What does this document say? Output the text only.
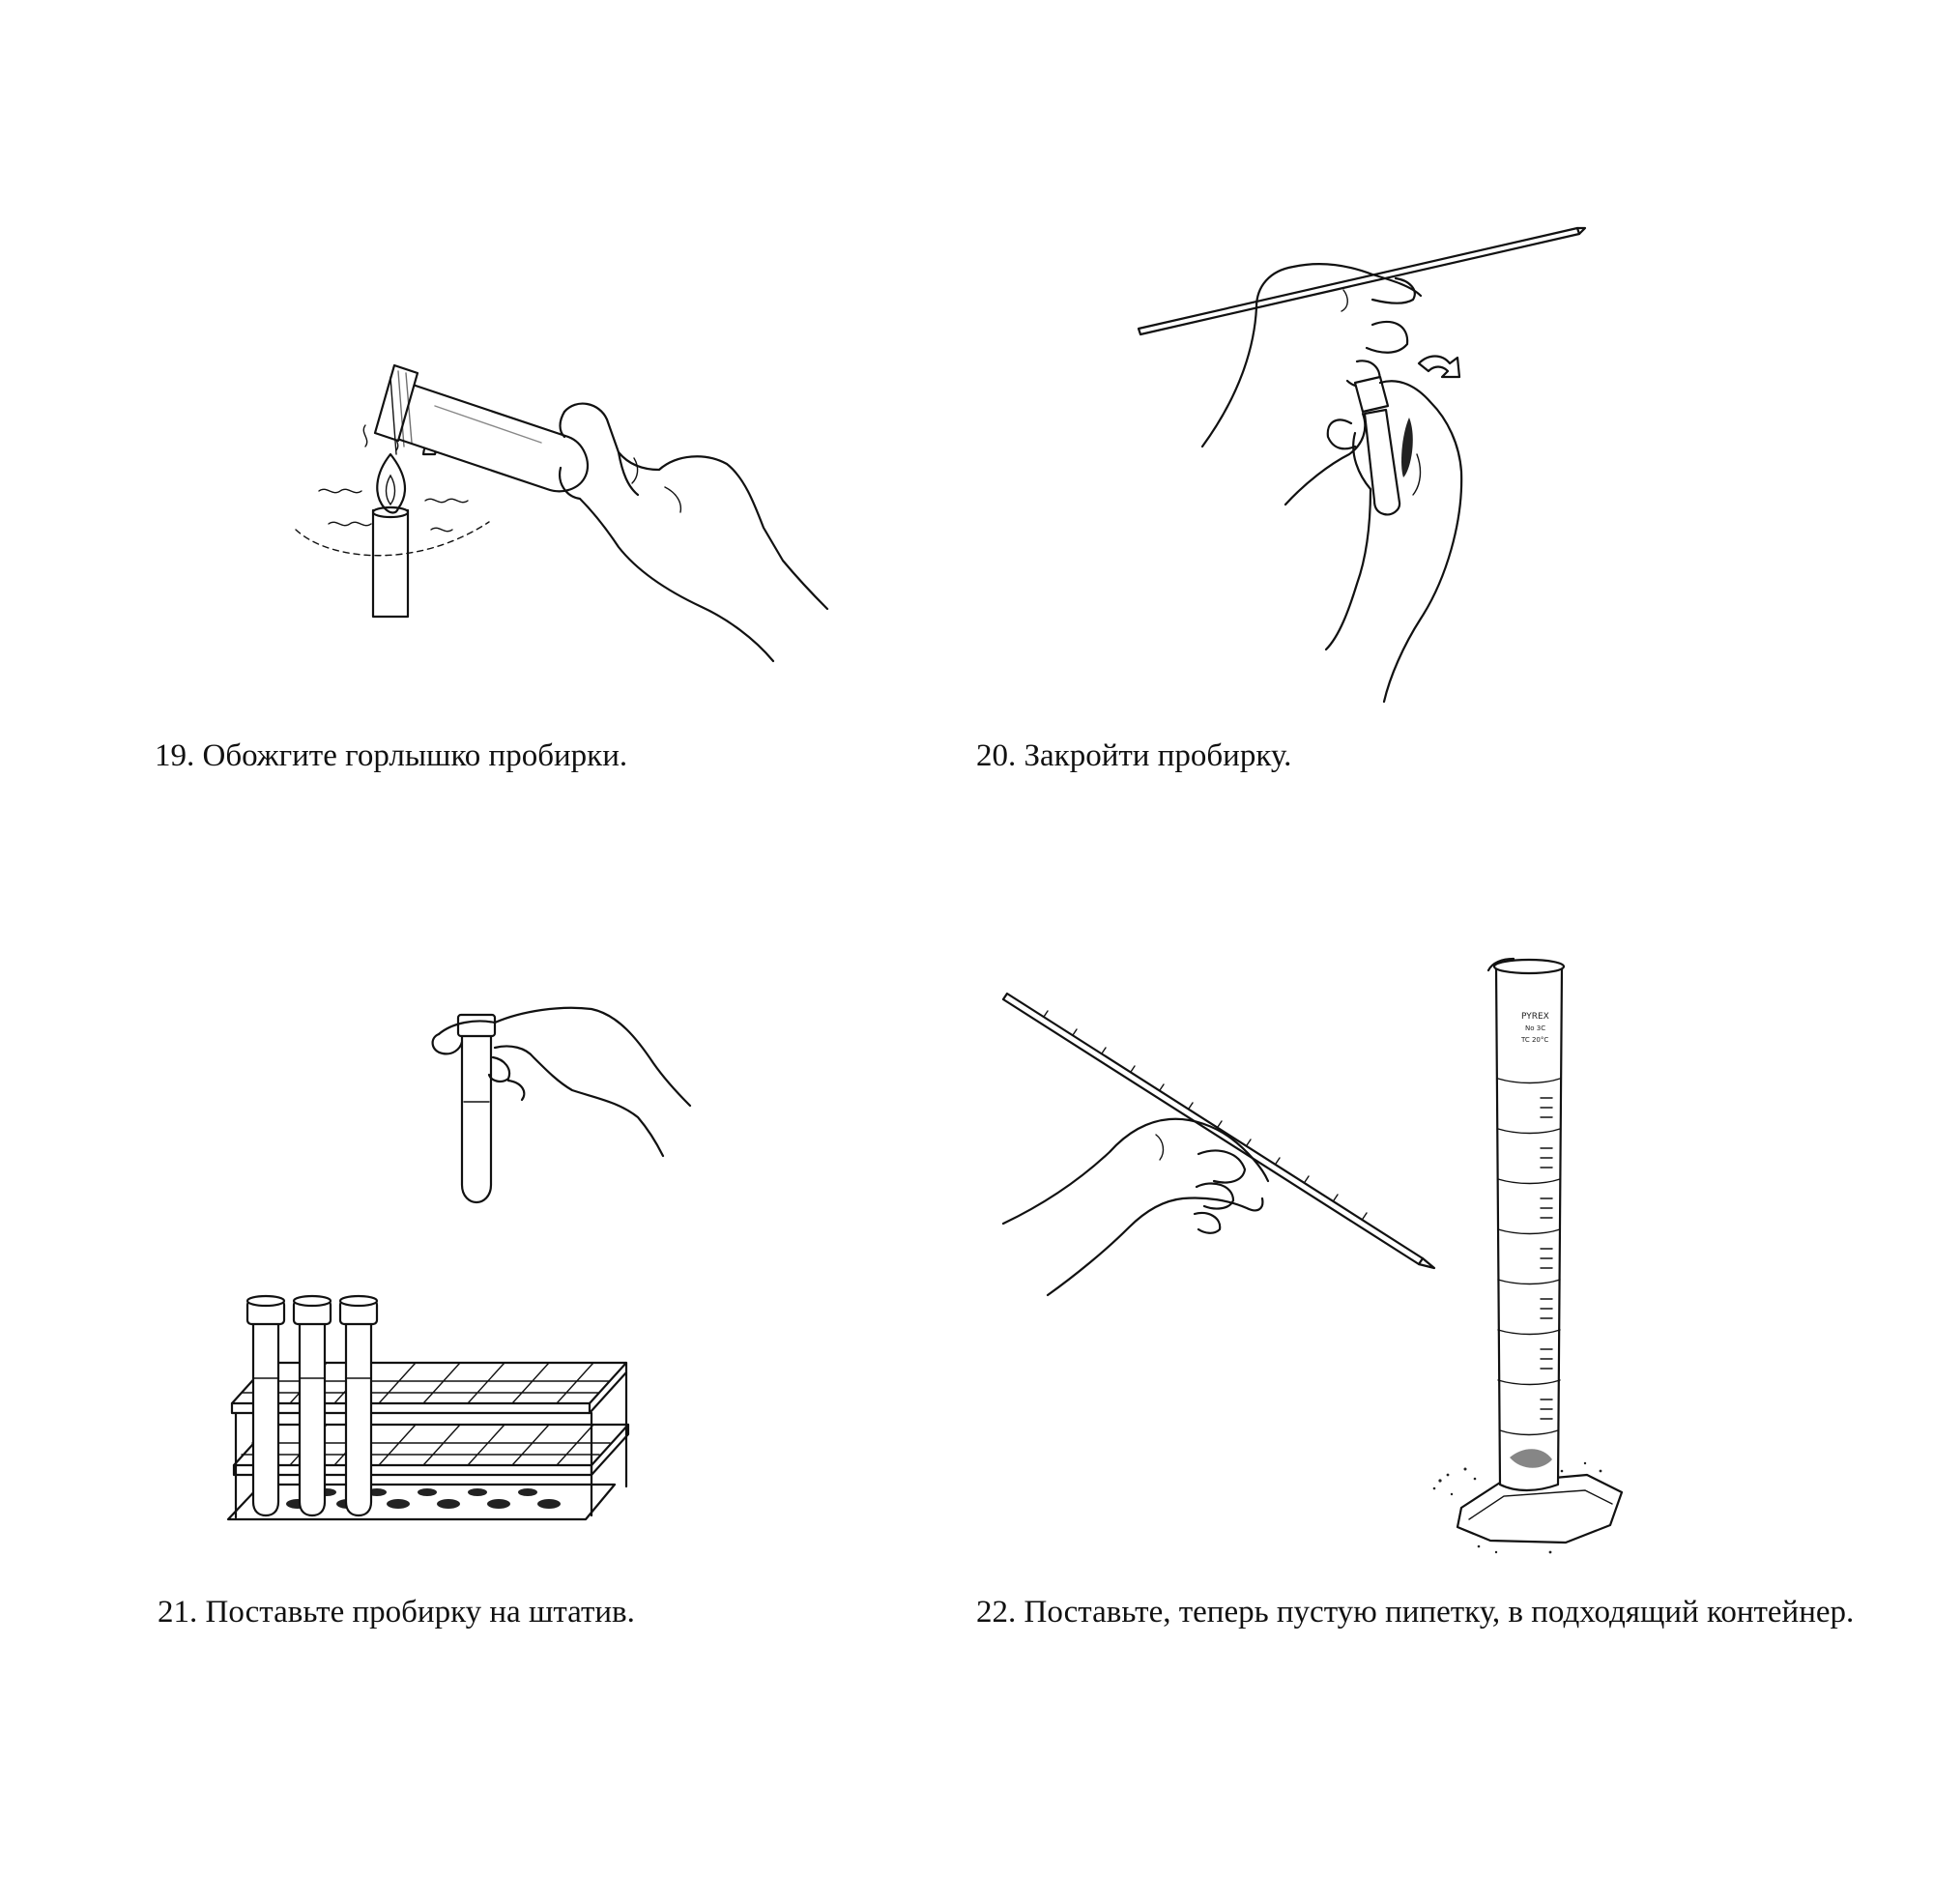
19. Обожгите горлышко пробирки.	20. Закройти пробирку.
21. Поставьте пробирку на штатив.
PYREX
No 3C
TC 20°C
22. Поставьте, теперь пустую пипетку, в подходящий контейнер.
